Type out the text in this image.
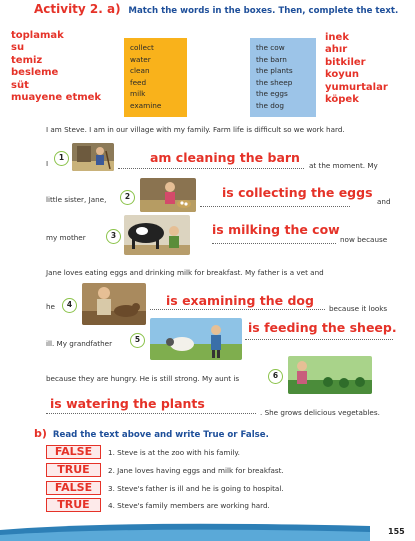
Activity 2. a) Match the words in the boxes. Then, complete the text.
toplamak
su
temiz
besleme
süt
muayene etmek
collect
water
clean
feed
milk
examine
the cow
the barn
the plants
the sheep
the eggs
the dog
inek
ahır
bitkiler
koyun
yumurtalar
köpek
I am Steve. I am in our village with my family. Farm life is difficult so we work hard.
I
1	am cleaning the barn
at the moment. My
little sister, Jane,	2	is collecting the eggs
and
my mother	3	is milking the cow
now because
Jane loves eating eggs and drinking milk for breakfast. My father is a vet and
he	4	is examining the dog
because it looks
ill. My grandfather	5
is feeding the sheep.
because they are hungry. He is still strong. My aunt is	6
is watering the plants
. She grows delicious vegetables.
b) Read the text above and write True or False.
FALSE	1. Steve is at the zoo with his family.
TRUE	2. Jane loves having eggs and milk for breakfast.
FALSE	3. Steve's father is ill and he is going to hospital.
TRUE	4. Steve's family members are working hard.
155
